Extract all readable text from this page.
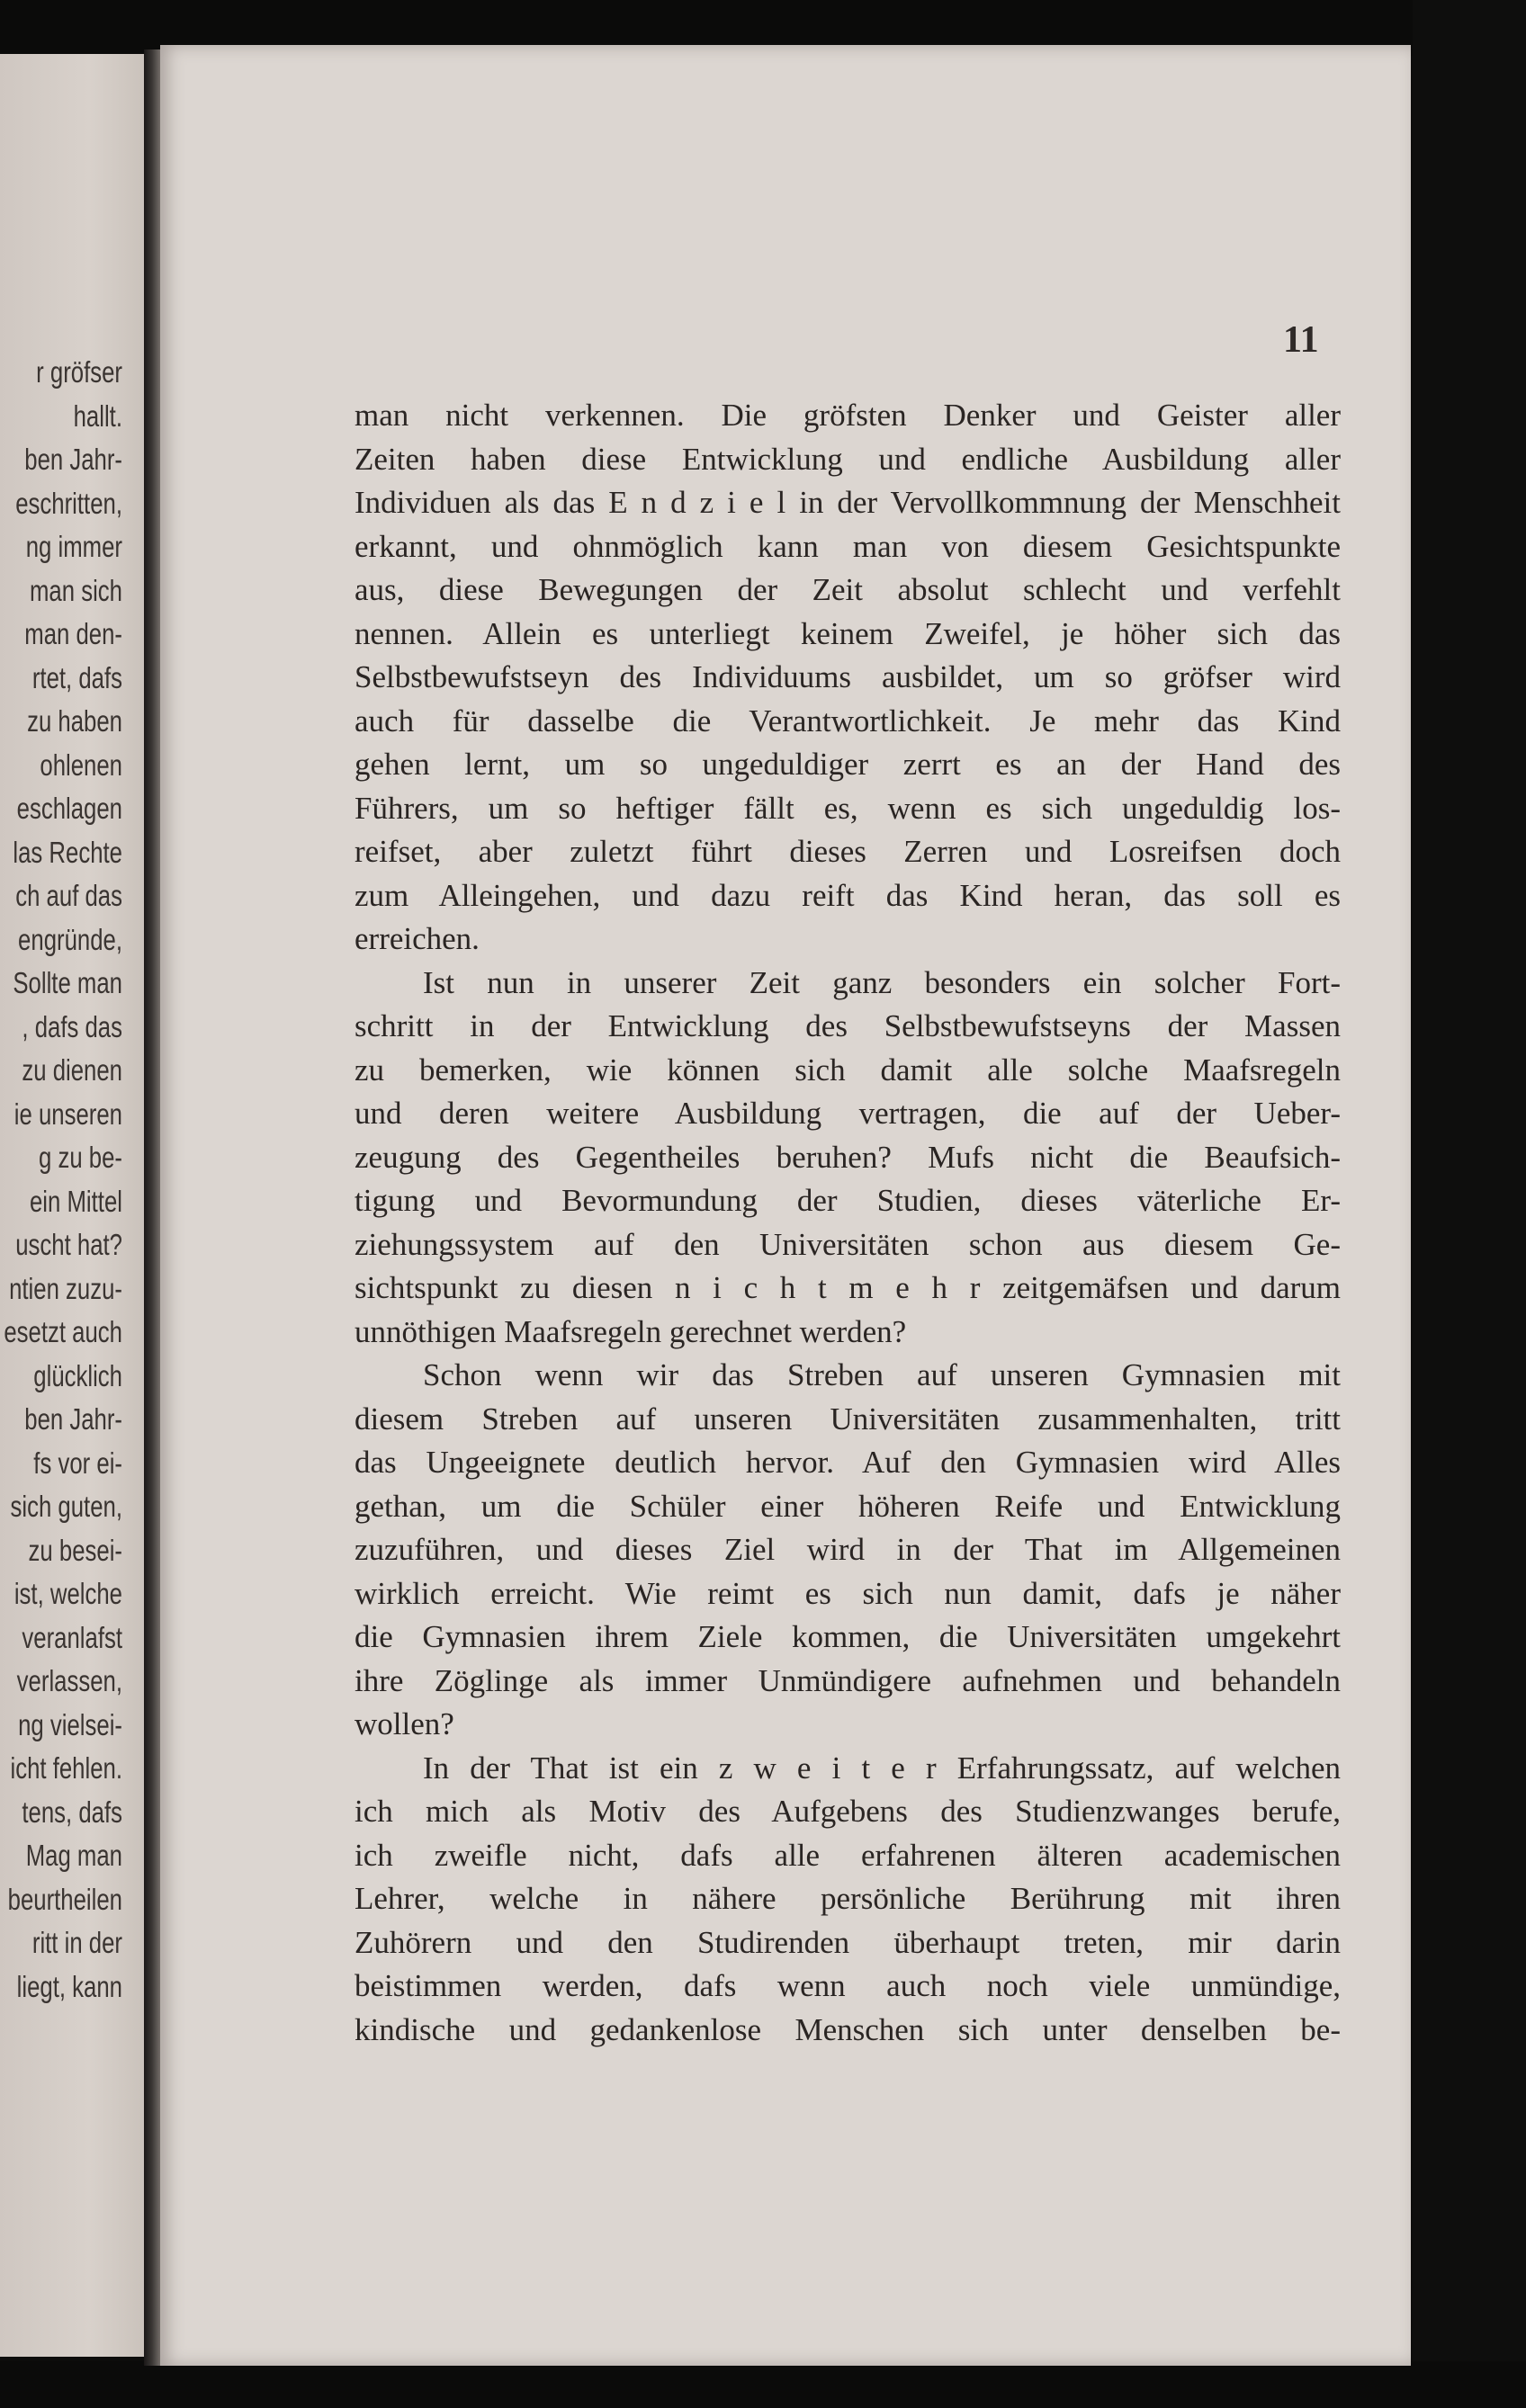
r gröfser
hallt.
ben Jahr-
eschritten,
ng immer
man sich
man den-
rtet, dafs
zu haben
ohlenen
eschlagen
las Rechte
ch auf das
engründe,
Sollte man
, dafs das
zu dienen
ie unseren
g zu be-
ein Mittel
uscht hat?
ntien zuzu-
esetzt auch
glücklich
ben Jahr-
fs vor ei-
sich guten,
zu besei-
ist, welche
veranlafst
verlassen,
ng vielsei-
icht fehlen.
tens, dafs
Mag man
beurtheilen
ritt in der
liegt, kann
11
man nicht verkennen. Die gröfsten Denker und Geister aller
Zeiten haben diese Entwicklung und endliche Ausbildung aller
Individuen als das E n d z i e l in der Vervollkommnung der Menschheit
erkannt, und ohnmöglich kann man von diesem Gesichtspunkte
aus, diese Bewegungen der Zeit absolut schlecht und verfehlt
nennen. Allein es unterliegt keinem Zweifel, je höher sich das
Selbstbewufstseyn des Individuums ausbildet, um so gröfser wird
auch für dasselbe die Verantwortlichkeit. Je mehr das Kind
gehen lernt, um so ungeduldiger zerrt es an der Hand des
Führers, um so heftiger fällt es, wenn es sich ungeduldig los-
reifset, aber zuletzt führt dieses Zerren und Losreifsen doch
zum Alleingehen, und dazu reift das Kind heran, das soll es
erreichen.
Ist nun in unserer Zeit ganz besonders ein solcher Fort-
schritt in der Entwicklung des Selbstbewufstseyns der Massen
zu bemerken, wie können sich damit alle solche Maafsregeln
und deren weitere Ausbildung vertragen, die auf der Ueber-
zeugung des Gegentheiles beruhen? Mufs nicht die Beaufsich-
tigung und Bevormundung der Studien, dieses väterliche Er-
ziehungssystem auf den Universitäten schon aus diesem Ge-
sichtspunkt zu diesen n i c h t m e h r zeitgemäfsen und darum
unnöthigen Maafsregeln gerechnet werden?
Schon wenn wir das Streben auf unseren Gymnasien mit
diesem Streben auf unseren Universitäten zusammenhalten, tritt
das Ungeeignete deutlich hervor. Auf den Gymnasien wird Alles
gethan, um die Schüler einer höheren Reife und Entwicklung
zuzuführen, und dieses Ziel wird in der That im Allgemeinen
wirklich erreicht. Wie reimt es sich nun damit, dafs je näher
die Gymnasien ihrem Ziele kommen, die Universitäten umgekehrt
ihre Zöglinge als immer Unmündigere aufnehmen und behandeln
wollen?
In der That ist ein z w e i t e r Erfahrungssatz, auf welchen
ich mich als Motiv des Aufgebens des Studienzwanges berufe,
ich zweifle nicht, dafs alle erfahrenen älteren academischen
Lehrer, welche in nähere persönliche Berührung mit ihren
Zuhörern und den Studirenden überhaupt treten, mir darin
beistimmen werden, dafs wenn auch noch viele unmündige,
kindische und gedankenlose Menschen sich unter denselben be-
